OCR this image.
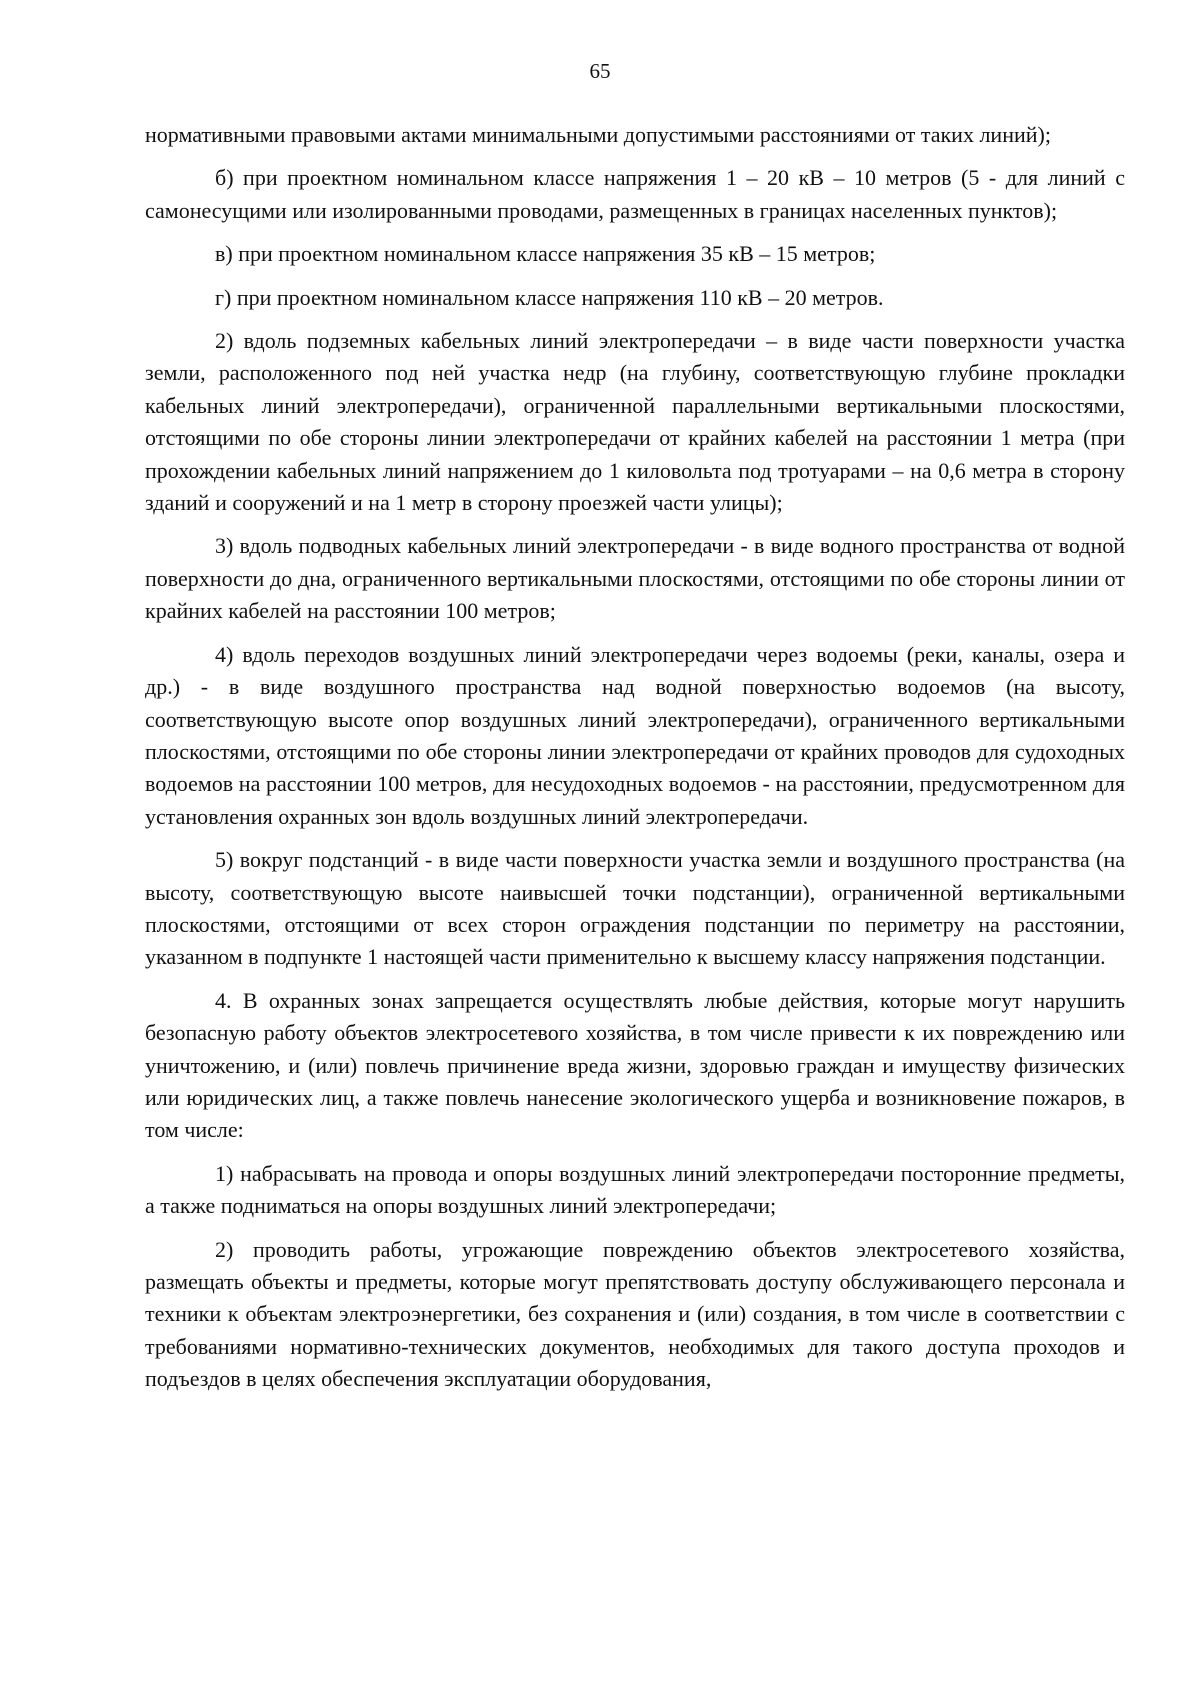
65

нормативными правовыми актами минимальными допустимыми расстояниями от таких линий);

б) при проектном номинальном классе напряжения 1 – 20 кВ – 10 метров (5 - для линий с самонесущими или изолированными проводами, размещенных в границах населенных пунктов);

в) при проектном номинальном классе напряжения 35 кВ – 15 метров;

г) при проектном номинальном классе напряжения 110 кВ – 20 метров.

2) вдоль подземных кабельных линий электропередачи – в виде части поверхности участка земли, расположенного под ней участка недр (на глубину, соответствующую глубине прокладки кабельных линий электропередачи), ограниченной параллельными вертикальными плоскостями, отстоящими по обе стороны линии электропередачи от крайних кабелей на расстоянии 1 метра (при прохождении кабельных линий напряжением до 1 киловольта под тротуарами – на 0,6 метра в сторону зданий и сооружений и на 1 метр в сторону проезжей части улицы);

3) вдоль подводных кабельных линий электропередачи - в виде водного пространства от водной поверхности до дна, ограниченного вертикальными плоскостями, отстоящими по обе стороны линии от крайних кабелей на расстоянии 100 метров;

4) вдоль переходов воздушных линий электропередачи через водоемы (реки, каналы, озера и др.) - в виде воздушного пространства над водной поверхностью водоемов (на высоту, соответствующую высоте опор воздушных линий электропередачи), ограниченного вертикальными плоскостями, отстоящими по обе стороны линии электропередачи от крайних проводов для судоходных водоемов на расстоянии 100 метров, для несудоходных водоемов - на расстоянии, предусмотренном для установления охранных зон вдоль воздушных линий электропередачи.

5) вокруг подстанций - в виде части поверхности участка земли и воздушного пространства (на высоту, соответствующую высоте наивысшей точки подстанции), ограниченной вертикальными плоскостями, отстоящими от всех сторон ограждения подстанции по периметру на расстоянии, указанном в подпункте 1 настоящей части применительно к высшему классу напряжения подстанции.

4. В охранных зонах запрещается осуществлять любые действия, которые могут нарушить безопасную работу объектов электросетевого хозяйства, в том числе привести к их повреждению или уничтожению, и (или) повлечь причинение вреда жизни, здоровью граждан и имуществу физических или юридических лиц, а также повлечь нанесение экологического ущерба и возникновение пожаров, в том числе:

1) набрасывать на провода и опоры воздушных линий электропередачи посторонние предметы, а также подниматься на опоры воздушных линий электропередачи;

2) проводить работы, угрожающие повреждению объектов электросетевого хозяйства, размещать объекты и предметы, которые могут препятствовать доступу обслуживающего персонала и техники к объектам электроэнергетики, без сохранения и (или) создания, в том числе в соответствии с требованиями нормативно-технических документов, необходимых для такого доступа проходов и подъездов в целях обеспечения эксплуатации оборудования,
